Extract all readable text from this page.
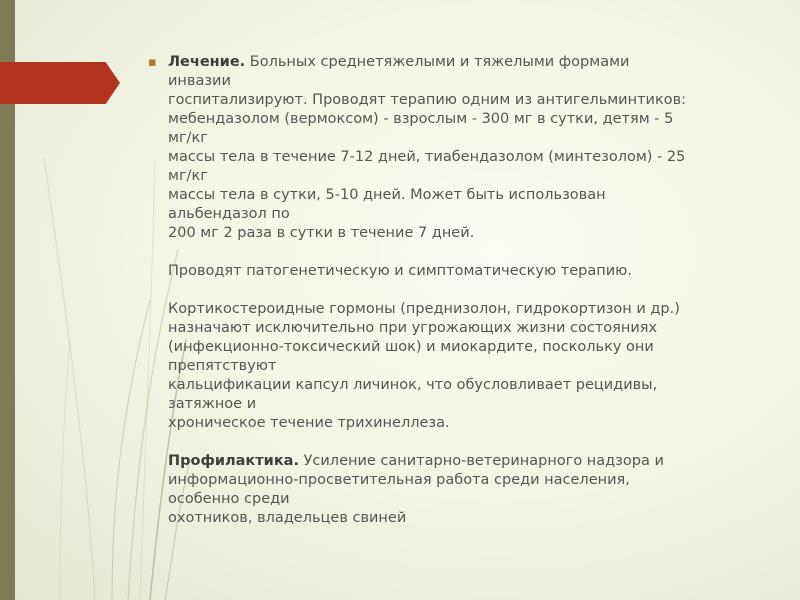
▪ Лечение. Больных среднетяжелыми и тяжелыми формами
инвазии
госпитализируют. Проводят терапию одним из антигельминтиков:
мебендазолом (вермоксом) - взрослым - 300 мг в сутки, детям - 5
мг/кг
массы тела в течение 7-12 дней, тиабендазолом (минтезолом) - 25
мг/кг
массы тела в сутки, 5-10 дней. Может быть использован
альбендазол по
200 мг 2 раза в сутки в течение 7 дней.
Проводят патогенетическую и симптоматическую терапию.
Кортикостероидные гормоны (преднизолон, гидрокортизон и др.)
назначают исключительно при угрожающих жизни состояниях
(инфекционно-токсический шок) и миокардите, поскольку они
препятствуют
кальцификации капсул личинок, что обусловливает рецидивы,
затяжное и
хроническое течение трихинеллеза.
Профилактика. Усиление санитарно-ветеринарного надзора и
информационно-просветительная работа среди населения,
особенно среди
охотников, владельцев свиней
